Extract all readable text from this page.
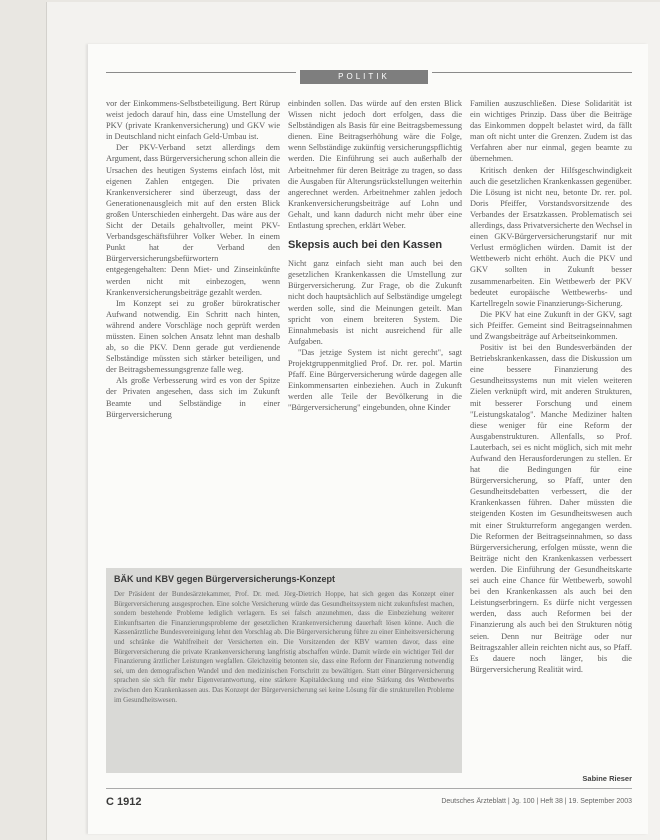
POLITIK

vor der Einkommens-Selbstbeteiligung. Bert Rürup weist jedoch darauf hin, dass eine Umstellung der PKV (private Krankenversicherung) und GKV wie in Deutschland nicht einfach Geld-Umbau ist.

Der PKV-Verband setzt allerdings dem Argument, dass Bürgerversicherung schon allein die Ursachen des heutigen Systems einfach löst, mit eigenen Zahlen entgegen. Die privaten Krankenversicherer sind überzeugt, dass der Generationenausgleich mit auf den ersten Blick großen Unterschieden einhergeht. Das wäre aus der Sicht der Details gehaltvoller, meint PKV-Verbandsgeschäftsführer Volker Weber. In einem Punkt hat der Verband den Bürgerversicherungsbefürwortern entgegengehalten: Denn Miet- und Zinseinkünfte werden nicht mit einbezogen, wenn Krankenversicherungsbeiträge gezahlt werden.

Im Konzept sei zu großer bürokratischer Aufwand notwendig. Ein Schritt nach hinten, während andere Vorschläge noch geprüft werden müssten. Einen solchen Ansatz lehnt man deshalb ab, so die PKV. Denn gerade gut verdienende Selbständige müssten sich stärker beteiligen, und der Beitragsbemessungsgrenze falle weg.

Als große Verbesserung wird es von der Spitze der Privaten angesehen, dass sich im Zukunft Beamte und Selbständige in einer Bürgerversicherung

einbinden sollen. Das würde auf den ersten Blick Wissen nicht jedoch dort erfolgen, dass die Selbständigen als Basis für eine Beitragsbemessung dienen. Eine Beitragserhöhung wäre die Folge, wenn Selbständige zukünftig versicherungspflichtig werden. Die Einführung sei auch außerhalb der Arbeitnehmer für deren Beiträge zu tragen, so dass die Ausgaben für Alterungsrückstellungen weiterhin angerechnet werden. Arbeitnehmer zahlen jedoch Krankenversicherungsbeiträge auf Lohn und Gehalt, und kann dadurch nicht mehr über eine Entlastung sprechen, erklärt Weber.

Skepsis auch bei den Kassen

Nicht ganz einfach sieht man auch bei den gesetzlichen Krankenkassen die Umstellung zur Bürgerversicherung. Zur Frage, ob die Zukunft nicht doch hauptsächlich auf Selbständige umgelegt werden solle, sind die Meinungen geteilt. Man spricht von einem breiteren System. Die Einnahmebasis ist nicht ausreichend für alle Aufgaben.

"Das jetzige System ist nicht gerecht", sagt Projektgruppenmitglied Prof. Dr. rer. pol. Martin Pfaff. Eine Bürgerversicherung würde dagegen alle Einkommensarten einbeziehen. Auch in Zukunft werden alle Teile der Bevölkerung in die "Bürgerversicherung" eingebunden, ohne Kinder

Familien auszuschließen. Diese Solidarität ist ein wichtiges Prinzip. Dass über die Beiträge das Einkommen doppelt belastet wird, da fällt man oft nicht unter die Grenzen. Zudem ist das Verfahren aber nur einmal, gegen beamte zu übernehmen.

Kritisch denken der Hilfsgeschwindigkeit auch die gesetzlichen Krankenkassen gegenüber. Die Lösung ist nicht neu, betonte Dr. rer. pol. Doris Pfeiffer, Vorstandsvorsitzende des Verbandes der Ersatzkassen. Problematisch sei allerdings, dass Privatversicherte den Wechsel in einen GKV-Bürgerversicherungstarif nur mit Verlust ermöglichen würden. Damit ist der Wettbewerb nicht erhöht. Auch die PKV und GKV sollten in Zukunft besser zusammenarbeiten. Ein Wettbewerb der PKV bedeutet europäische Wettbewerbs- und Kartellregeln sowie Finanzierungs-Sicherung.

Die PKV hat eine Zukunft in der GKV, sagt sich Pfeiffer. Gemeint sind Beitragseinnahmen und Zwangsbeiträge auf Arbeitseinkommen.

Positiv ist bei den Bundesverbänden der Betriebskrankenkassen, dass die Diskussion um eine bessere Finanzierung des Gesundheitssystems nun mit vielen weiteren Zielen verknüpft wird, mit anderen Strukturen, mit besserer Forschung und einem "Leistungskatalog". Manche Mediziner halten diese weniger für eine Reform der Ausgabenstrukturen. Allenfalls, so Prof. Lauterbach, sei es nicht möglich, sich mit mehr Aufwand den Herausforderungen zu stellen. Er hat die Bedingungen für eine Bürgerversicherung, so Pfaff, unter den Gesundheitsdebatten verbessert, die der Krankenkassen führen. Daher müssten die steigenden Kosten im Gesundheitswesen auch mit einer Strukturreform angegangen werden. Die Reformen der Beitragseinnahmen, so dass Bürgerversicherung, erfolgen müsste, wenn die Beiträge nicht den Krankenkassen verbessert werden. Die Einführung der Gesundheitskarte sei auch eine Chance für Wettbewerb, sowohl bei den Krankenkassen als auch bei den Leistungserbringern. Es dürfe nicht vergessen werden, dass auch Reformen bei der Finanzierung als auch bei den Strukturen nötig seien. Denn nur Beiträge oder nur Beitragszahler allein reichten nicht aus, so Pfaff. Es dauere noch länger, bis die Bürgerversicherung Realität wird.

BÄK und KBV gegen Bürgerversicherungs-Konzept
Der Präsident der Bundesärztekammer, Prof. Dr. med. Jörg-Dietrich Hoppe, hat sich gegen das Konzept einer Bürgerversicherung ausgesprochen. Eine solche Versicherung würde das Gesundheitssystem nicht zukunftsfest machen, sondern bestehende Probleme lediglich verlagern. Es sei falsch anzunehmen, dass die Einbeziehung weiterer Einkunftsarten die Finanzierungsprobleme der gesetzlichen Krankenversicherung dauerhaft lösen könne. Auch die Kassenärztliche Bundesvereinigung lehnt den Vorschlag ab. Die Bürgerversicherung führe zu einer Einheitsversicherung und schränke die Wahlfreiheit der Versicherten ein. Die Vorsitzenden der KBV warnten davor, dass eine Bürgerversicherung die private Krankenversicherung langfristig abschaffen würde. Damit würde ein wichtiger Teil der Finanzierung ärztlicher Leistungen wegfallen. Gleichzeitig betonten sie, dass eine Reform der Finanzierung notwendig sei, um den demografischen Wandel und den medizinischen Fortschritt zu bewältigen. Statt einer Bürgerversicherung sprachen sie sich für mehr Eigenverantwortung, eine stärkere Kapitaldeckung und eine Stärkung des Wettbewerbs zwischen den Krankenkassen aus. Das Konzept der Bürgerversicherung sei keine Lösung für die strukturellen Probleme im Gesundheitswesen.
Sabine Rieser
C 1912	Deutsches Ärzteblatt | Jg. 100 | Heft 38 | 19. September 2003
